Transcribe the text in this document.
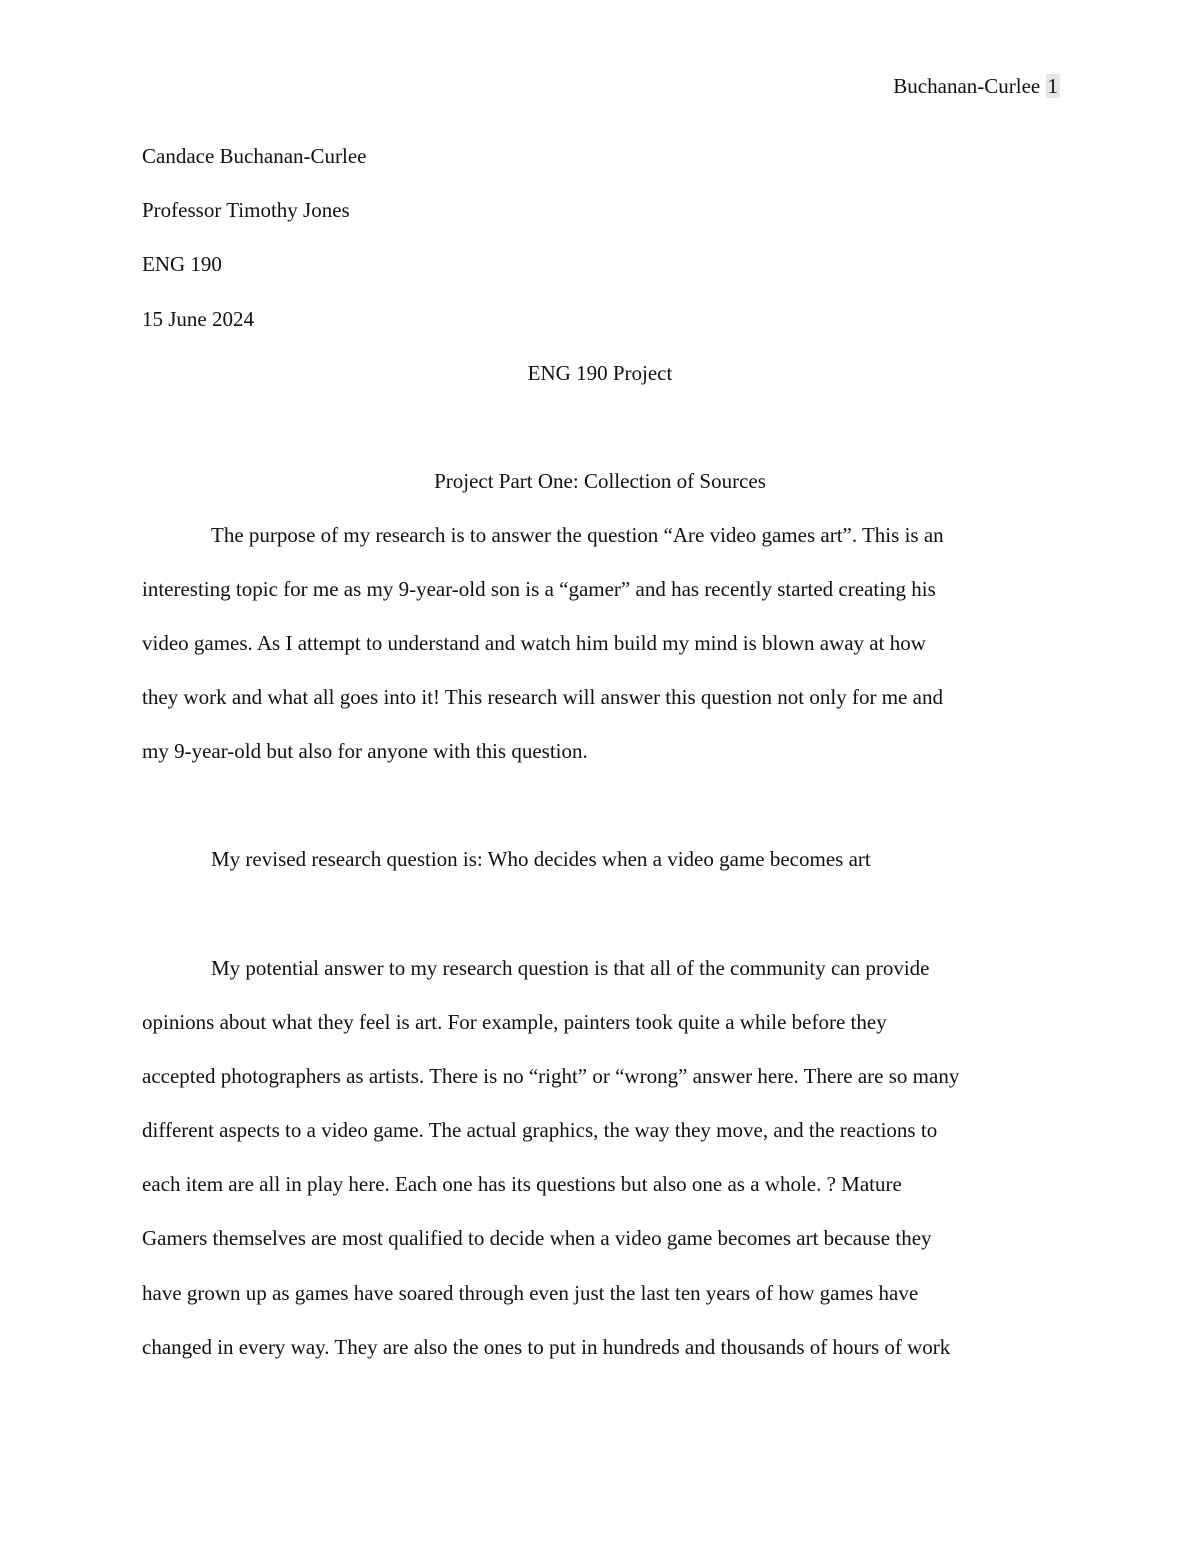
Buchanan-Curlee 1
Candace Buchanan-Curlee
Professor Timothy Jones
ENG 190
15 June 2024
ENG 190 Project
Project Part One: Collection of Sources
The purpose of my research is to answer the question “Are video games art”. This is an
interesting topic for me as my 9-year-old son is a “gamer” and has recently started creating his
video games. As I attempt to understand and watch him build my mind is blown away at how
they work and what all goes into it! This research will answer this question not only for me and
my 9-year-old but also for anyone with this question.
My revised research question is: Who decides when a video game becomes art
My potential answer to my research question is that all of the community can provide
opinions about what they feel is art. For example, painters took quite a while before they
accepted photographers as artists. There is no “right” or “wrong” answer here. There are so many
different aspects to a video game. The actual graphics, the way they move, and the reactions to
each item are all in play here. Each one has its questions but also one as a whole. ? Mature
Gamers themselves are most qualified to decide when a video game becomes art because they
have grown up as games have soared through even just the last ten years of how games have
changed in every way. They are also the ones to put in hundreds and thousands of hours of work
